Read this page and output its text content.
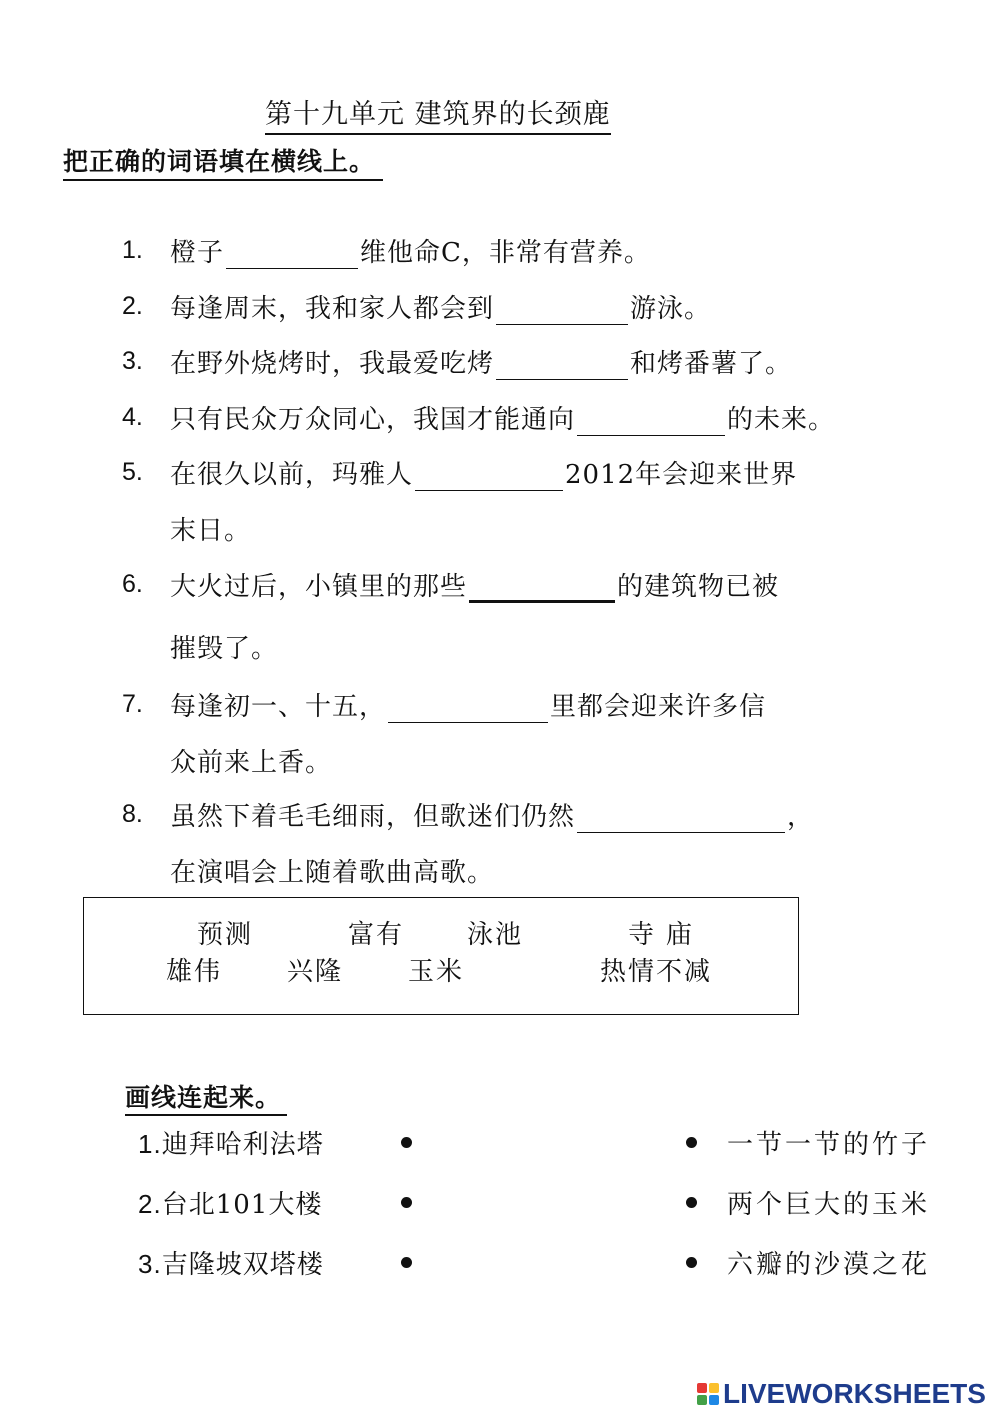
第十九单元 建筑界的长颈鹿
把正确的词语填在横线上。
1. 橙子	维他命C，非常有营养。
2. 每逢周末，我和家人都会到	游泳。
3. 在野外烧烤时，我最爱吃烤	和烤番薯了。
4. 只有民众万众同心，我国才能通向	的未来。
5. 在很久以前，玛雅人	2012年会迎来世界
末日。
6. 大火过后，小镇里的那些	的建筑物已被
摧毁了。
7. 每逢初一、十五，	里都会迎来许多信
众前来上香。
8. 虽然下着毛毛细雨，但歌迷们仍然	，
在演唱会上随着歌曲高歌。
预测	富有 泳池	寺庙
雄伟 兴隆 玉米	热情不减
画线连起来。
1.迪拜哈利法塔
2.台北101大楼
3.吉隆坡双塔楼
一节一节的竹子
两个巨大的玉米
六瓣的沙漠之花
LIVEWORKSHEETS
